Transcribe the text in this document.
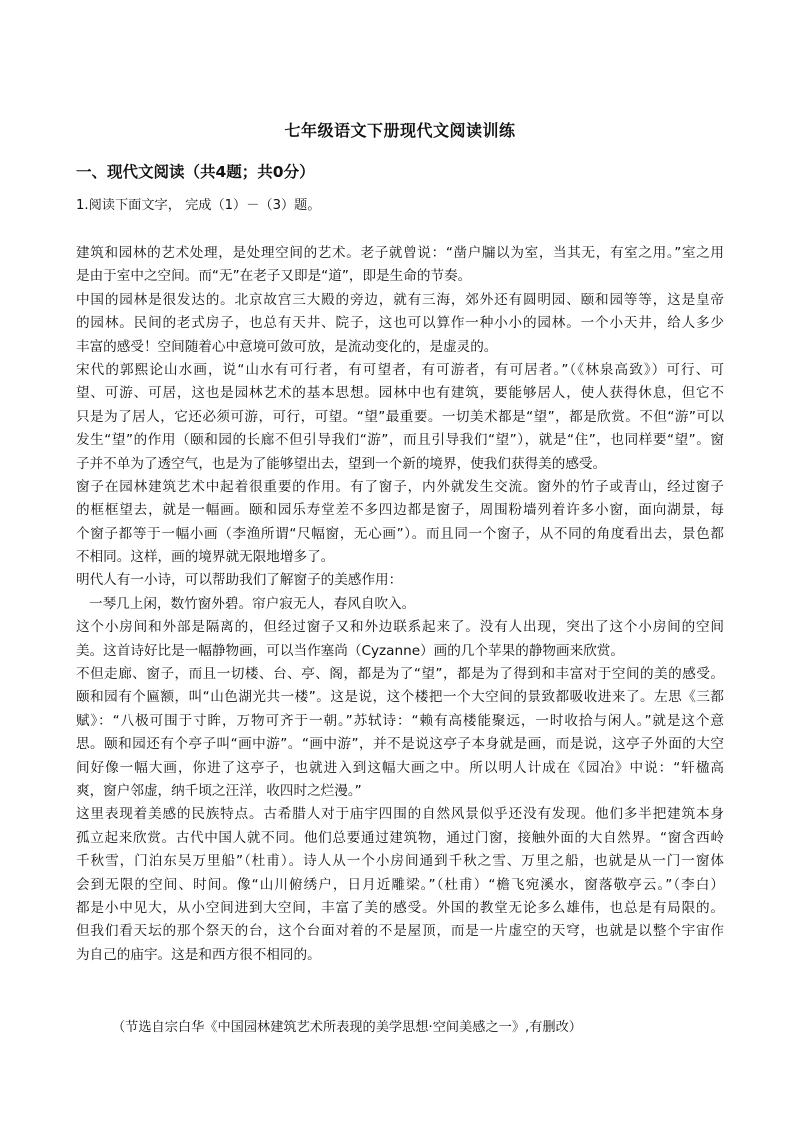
七年级语文下册现代文阅读训练
一、现代文阅读（共4题；共0分）
1.阅读下面文字， 完成（1）－（3）题。
建筑和园林的艺术处理，是处理空间的艺术。老子就曾说：“凿户牖以为室，当其无，有室之用。”室之用
是由于室中之空间。而“无”在老子又即是“道”，即是生命的节奏。
中国的园林是很发达的。北京故宫三大殿的旁边，就有三海，郊外还有圆明园、颐和园等等，这是皇帝
的园林。民间的老式房子，也总有天井、院子，这也可以算作一种小小的园林。一个小天井，给人多少
丰富的感受！空间随着心中意境可敛可放，是流动变化的，是虚灵的。
宋代的郭熙论山水画，说“山水有可行者，有可望者，有可游者，有可居者。”（《林泉高致》）可行、可
望、可游、可居，这也是园林艺术的基本思想。园林中也有建筑，要能够居人，使人获得休息，但它不
只是为了居人，它还必须可游，可行，可望。“望”最重要。一切美术都是“望”，都是欣赏。不但“游”可以
发生“望”的作用（颐和园的长廊不但引导我们“游”，而且引导我们“望”），就是“住”，也同样要“望”。窗
子并不单为了透空气，也是为了能够望出去，望到一个新的境界，使我们获得美的感受。
窗子在园林建筑艺术中起着很重要的作用。有了窗子，内外就发生交流。窗外的竹子或青山，经过窗子
的框框望去，就是一幅画。颐和园乐寿堂差不多四边都是窗子，周围粉墙列着许多小窗，面向湖景，每
个窗子都等于一幅小画（李渔所谓“尺幅窗，无心画”）。而且同一个窗子，从不同的角度看出去，景色都
不相同。这样，画的境界就无限地增多了。
明代人有一小诗，可以帮助我们了解窗子的美感作用：
一琴几上闲，数竹窗外碧。帘户寂无人，春风自吹入。
这个小房间和外部是隔离的，但经过窗子又和外边联系起来了。没有人出现，突出了这个小房间的空间
美。这首诗好比是一幅静物画，可以当作塞尚（Cyzanne）画的几个苹果的静物画来欣赏。
不但走廊、窗子，而且一切楼、台、亭、阁，都是为了“望”，都是为了得到和丰富对于空间的美的感受。
颐和园有个匾额，叫“山色湖光共一楼”。这是说，这个楼把一个大空间的景致都吸收进来了。左思《三都
赋》：“八极可围于寸眸，万物可齐于一朝。”苏轼诗：“赖有高楼能聚远，一时收拾与闲人。”就是这个意
思。颐和园还有个亭子叫“画中游”。“画中游”，并不是说这亭子本身就是画，而是说，这亭子外面的大空
间好像一幅大画，你进了这亭子，也就进入到这幅大画之中。所以明人计成在《园冶》中说：“轩楹高
爽，窗户邻虚，纳千顷之汪洋，收四时之烂漫。”
这里表现着美感的民族特点。古希腊人对于庙宇四围的自然风景似乎还没有发现。他们多半把建筑本身
孤立起来欣赏。古代中国人就不同。他们总要通过建筑物，通过门窗，接触外面的大自然界。“窗含西岭
千秋雪，门泊东吴万里船”（杜甫）。诗人从一个小房间通到千秋之雪、万里之船，也就是从一门一窗体
会到无限的空间、时间。像“山川俯绣户，日月近雕梁。”（杜甫）“檐飞宛溪水，窗落敬亭云。”（李白）
都是小中见大，从小空间进到大空间，丰富了美的感受。外国的教堂无论多么雄伟，也总是有局限的。
但我们看天坛的那个祭天的台，这个台面对着的不是屋顶，而是一片虚空的天穹，也就是以整个宇宙作
为自己的庙宇。这是和西方很不相同的。
（节选自宗白华《中国园林建筑艺术所表现的美学思想·空间美感之一》,有删改）
